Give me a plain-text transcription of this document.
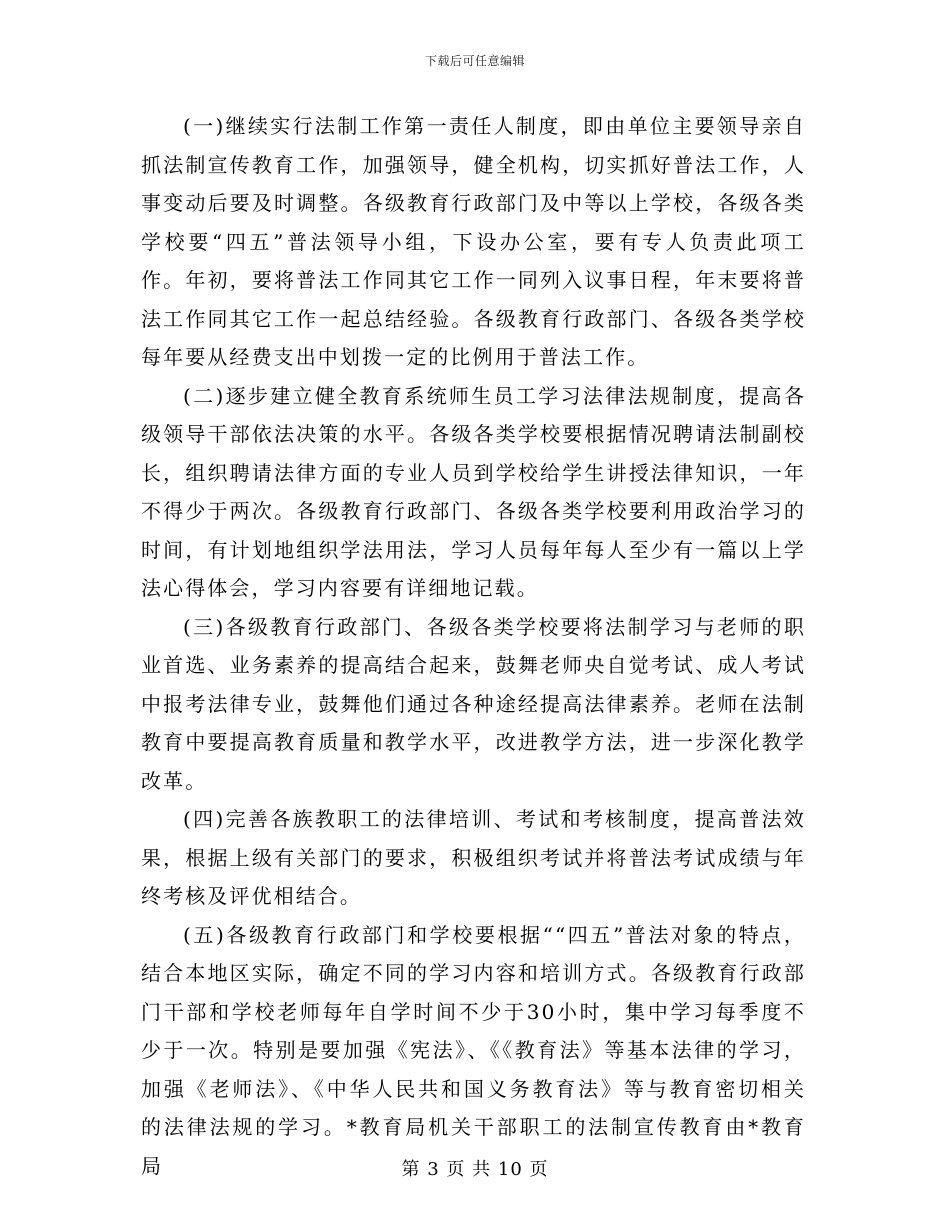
下载后可任意编辑

(一)继续实行法制工作第一责任人制度，即由单位主要领导亲自抓法制宣传教育工作，加强领导，健全机构，切实抓好普法工作，人事变动后要及时调整。各级教育行政部门及中等以上学校，各级各类学校要“四五”普法领导小组，下设办公室，要有专人负责此项工作。年初，要将普法工作同其它工作一同列入议事日程，年末要将普法工作同其它工作一起总结经验。各级教育行政部门、各级各类学校每年要从经费支出中划拨一定的比例用于普法工作。

(二)逐步建立健全教育系统师生员工学习法律法规制度，提高各级领导干部依法决策的水平。各级各类学校要根据情况聘请法制副校长，组织聘请法律方面的专业人员到学校给学生讲授法律知识，一年不得少于两次。各级教育行政部门、各级各类学校要利用政治学习的时间，有计划地组织学法用法，学习人员每年每人至少有一篇以上学法心得体会，学习内容要有详细地记载。

(三)各级教育行政部门、各级各类学校要将法制学习与老师的职业首选、业务素养的提高结合起来，鼓舞老师央自觉考试、成人考试中报考法律专业，鼓舞他们通过各种途经提高法律素养。老师在法制教育中要提高教育质量和教学水平，改进教学方法，进一步深化教学改革。

(四)完善各族教职工的法律培训、考试和考核制度，提高普法效果，根据上级有关部门的要求，积极组织考试并将普法考试成绩与年终考核及评优相结合。

(五)各级教育行政部门和学校要根据““四五”普法对象的特点，结合本地区实际，确定不同的学习内容和培训方式。各级教育行政部门干部和学校老师每年自学时间不少于30小时，集中学习每季度不少于一次。特别是要加强《宪法》、《《教育法》等基本法律的学习， 加强《老师法》、《中华人民共和国义务教育法》等与教育密切相关的法律法规的学习。*教育局机关干部职工的法制宣传教育由*教育局	第 3 页 共 10 页
